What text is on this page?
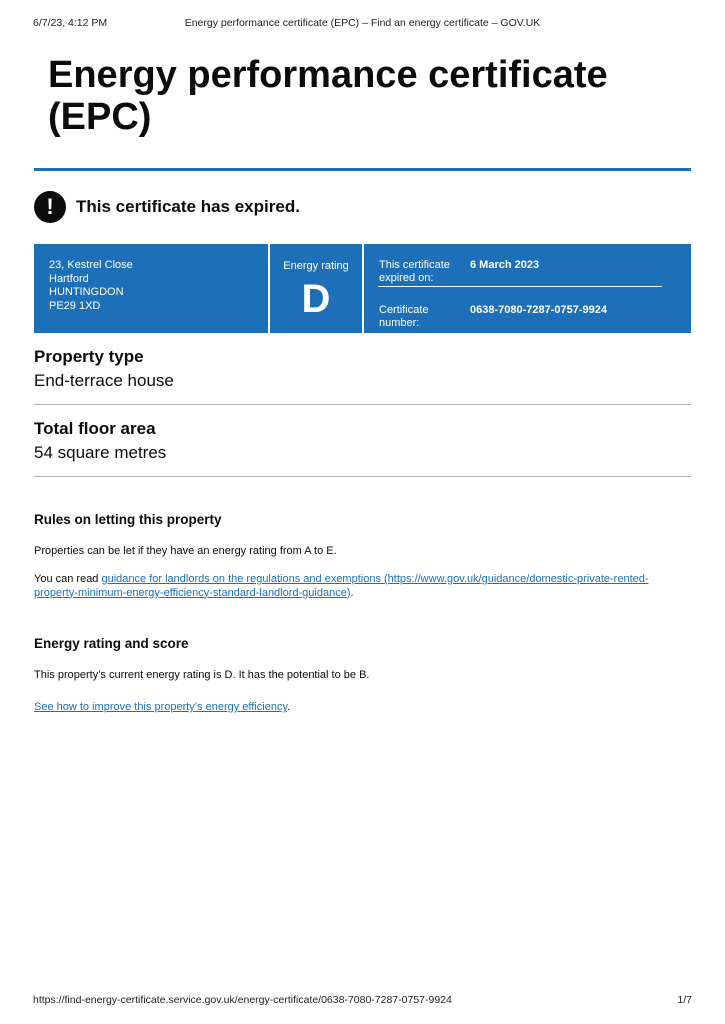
6/7/23, 4:12 PM	Energy performance certificate (EPC) – Find an energy certificate – GOV.UK
Energy performance certificate
(EPC)
!	This certificate has expired.
23, Kestrel Close
Hartford
HUNTINGDON
PE29 1XD
Energy rating
D
This certificate expired on:
6 March 2023
Certificate number:
0638-7080-7287-0757-9924
Property type
End-terrace house
Total floor area
54 square metres
Rules on letting this property

Properties can be let if they have an energy rating from A to E.

You can read guidance for landlords on the regulations and exemptions (https://www.gov.uk/guidance/domestic-private-rented-property-minimum-energy-efficiency-standard-landlord-guidance).

Energy rating and score

This property’s current energy rating is D. It has the potential to be B.

See how to improve this property’s energy efficiency.

https://find-energy-certificate.service.gov.uk/energy-certificate/0638-7080-7287-0757-9924	1/7
